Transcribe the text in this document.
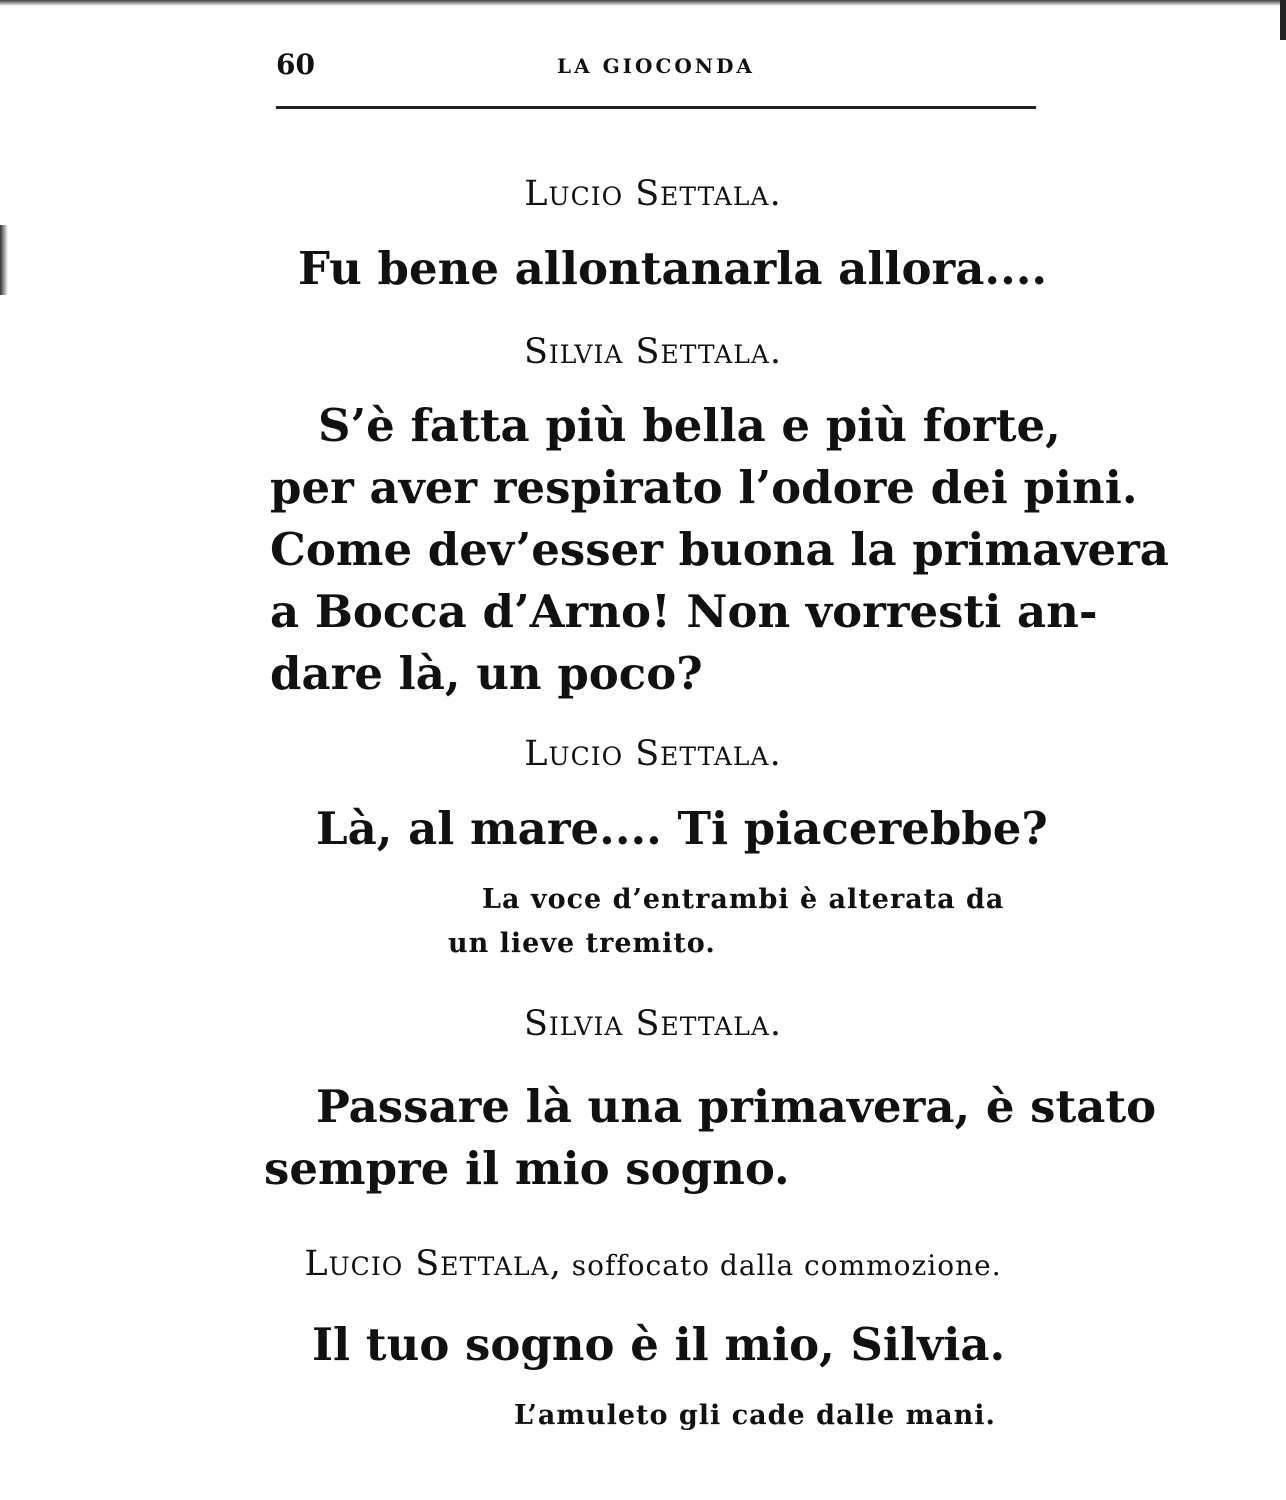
60	LA GIOCONDA
Lucio Settala.
Fu bene allontanarla allora....
Silvia Settala.
S’è fatta più bella e più forte,
per aver respirato l’odore dei pini.
Come dev’esser buona la primavera
a Bocca d’Arno! Non vorresti an-
dare là, un poco?
Lucio Settala.
Là, al mare.... Ti piacerebbe?
La voce d’entrambi è alterata da
un lieve tremito.
Silvia Settala.
Passare là una primavera, è stato
sempre il mio sogno.
Lucio Settala, soffocato dalla commozione.
Il tuo sogno è il mio, Silvia.
L’amuleto gli cade dalle mani.
